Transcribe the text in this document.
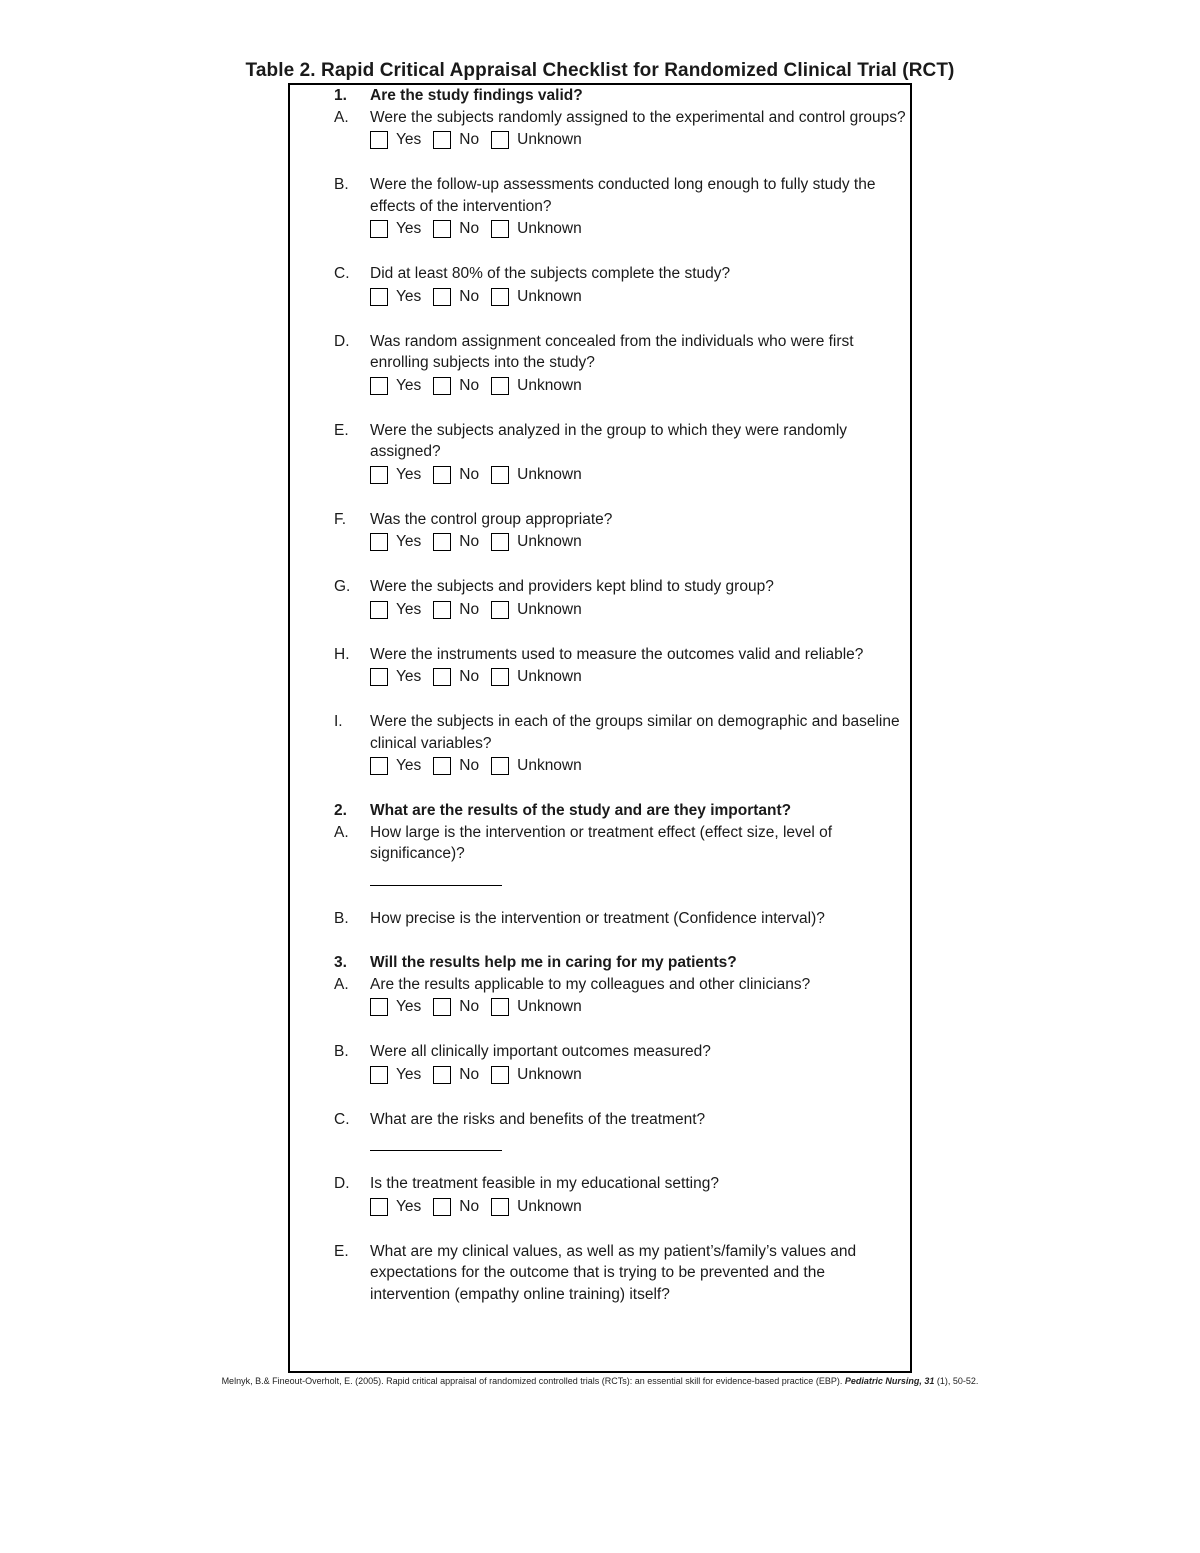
Table 2. Rapid Critical Appraisal Checklist for Randomized Clinical Trial (RCT)
1.	Are the study findings valid?
A.	Were the subjects randomly assigned to the experimental and control groups?
Yes No Unknown
B.	Were the follow-up assessments conducted long enough to fully study the effects of the intervention?
Yes No Unknown
C.	Did at least 80% of the subjects complete the study?
Yes No Unknown
D.	Was random assignment concealed from the individuals who were first enrolling subjects into the study?
Yes No Unknown
E.	Were the subjects analyzed in the group to which they were randomly assigned?
Yes No Unknown
F.	Was the control group appropriate?
Yes No Unknown
G.	Were the subjects and providers kept blind to study group?
Yes No Unknown
H.	Were the instruments used to measure the outcomes valid and reliable?
Yes No Unknown
I.	Were the subjects in each of the groups similar on demographic and baseline clinical variables?
Yes No Unknown
2.	What are the results of the study and are they important?
A.	How large is the intervention or treatment effect (effect size, level of significance)?
B.	How precise is the intervention or treatment (Confidence interval)?
3.	Will the results help me in caring for my patients?
A.	Are the results applicable to my colleagues and other clinicians?
Yes No Unknown
B.	Were all clinically important outcomes measured?
Yes No Unknown
C.	What are the risks and benefits of the treatment?
D.	Is the treatment feasible in my educational setting?
Yes No Unknown
E.	What are my clinical values, as well as my patient’s/family’s values and expectations for the outcome that is trying to be prevented and the intervention (empathy online training) itself?
Melnyk, B.& Fineout-Overholt, E. (2005). Rapid critical appraisal of randomized controlled trials (RCTs): an essential skill for evidence-based practice (EBP). Pediatric Nursing, 31 (1), 50-52.
